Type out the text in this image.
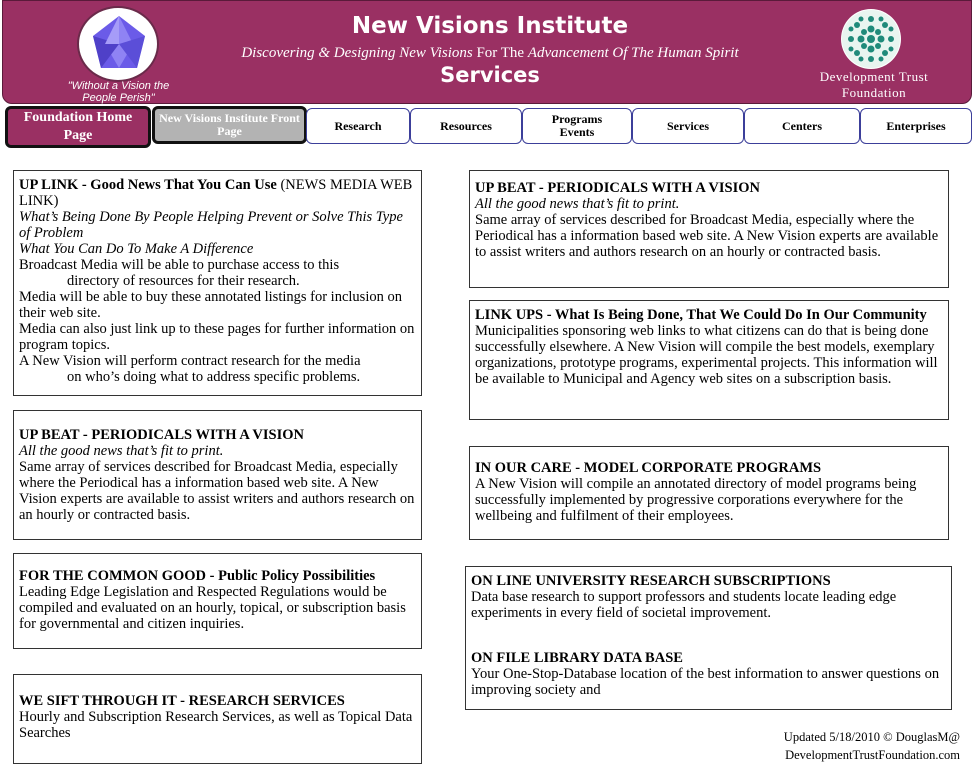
"Without a Vision the People Perish"
New Visions Institute
Discovering & Designing New Visions For The Advancement Of The Human Spirit
Services	Development Trust
Foundation
Foundation Home Page
New Visions Institute Front Page	Research	Resources	Programs Events	Services	Centers	Enterprises
UP LINK - Good News That You Can Use (NEWS MEDIA WEB LINK)
What’s Being Done By People Helping Prevent or Solve This Type of Problem
What You Can Do To Make A Difference
Broadcast Media will be able to purchase access to this
directory of resources for their research.
Media will be able to buy these annotated listings for inclusion on their web site.
Media can also just link up to these pages for further information on program topics.
A New Vision will perform contract research for the media
on who’s doing what to address specific problems.
UP BEAT - PERIODICALS WITH A VISION
All the good news that’s fit to print.
Same array of services described for Broadcast Media, especially where the Periodical has a information based web site. A New Vision experts are available to assist writers and authors research on an hourly or contracted basis.
FOR THE COMMON GOOD - Public Policy Possibilities
Leading Edge Legislation and Respected Regulations would be compiled and evaluated on an hourly, topical, or subscription basis for governmental and citizen inquiries.
WE SIFT THROUGH IT - RESEARCH SERVICES
Hourly and Subscription Research Services, as well as Topical Data Searches
UP BEAT - PERIODICALS WITH A VISION
All the good news that’s fit to print.
Same array of services described for Broadcast Media, especially where the Periodical has a information based web site. A New Vision experts are available to assist writers and authors research on an hourly or contracted basis.
LINK UPS - What Is Being Done, That We Could Do In Our Community
Municipalities sponsoring web links to what citizens can do that is being done successfully elsewhere. A New Vision will compile the best models, exemplary organizations, prototype programs, experimental projects. This information will be available to Municipal and Agency web sites on a subscription basis.
IN OUR CARE - MODEL CORPORATE PROGRAMS
A New Vision will compile an annotated directory of model programs being successfully implemented by progressive corporations everywhere for the wellbeing and fulfilment of their employees.
ON LINE UNIVERSITY RESEARCH SUBSCRIPTIONS
Data base research to support professors and students locate leading edge experiments in every field of societal improvement.
ON FILE LIBRARY DATA BASE
Your One-Stop-Database location of the best information to answer questions on improving society and
Updated 5/18/2010 © DouglasM@
DevelopmentTrustFoundation.com
